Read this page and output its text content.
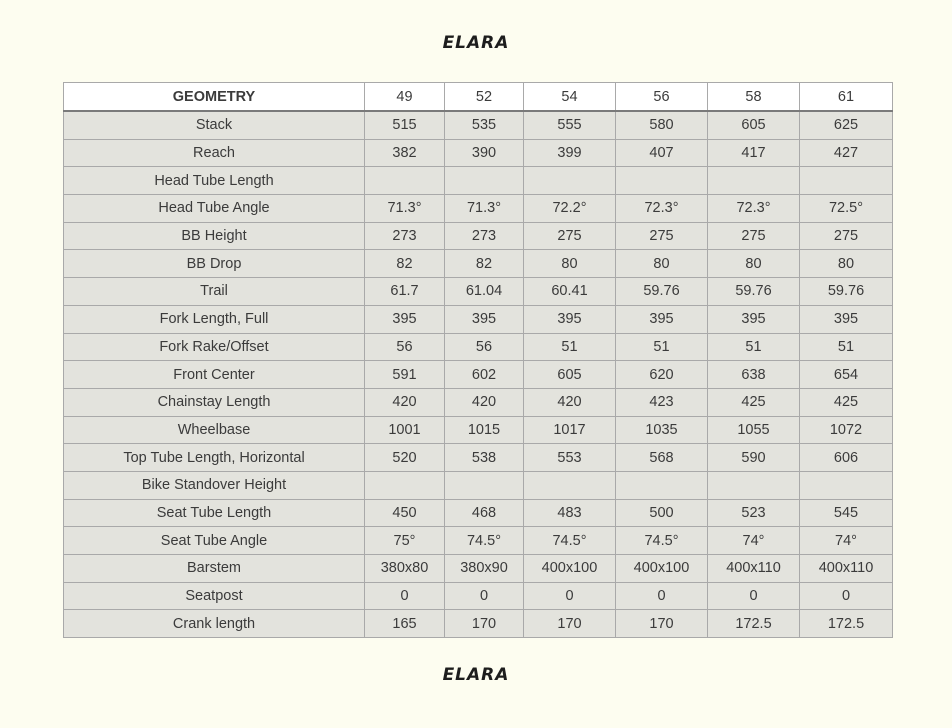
ELARA
GEOMETRY	49	52	54	56	58	61
Stack	515	535	555	580	605	625
Reach	382	390	399	407	417	427
Head Tube Length						
Head Tube Angle	71.3°	71.3°	72.2°	72.3°	72.3°	72.5°
BB Height	273	273	275	275	275	275
BB Drop	82	82	80	80	80	80
Trail	61.7	61.04	60.41	59.76	59.76	59.76
Fork Length, Full	395	395	395	395	395	395
Fork Rake/Offset	56	56	51	51	51	51
Front Center	591	602	605	620	638	654
Chainstay Length	420	420	420	423	425	425
Wheelbase	1001	1015	1017	1035	1055	1072
Top Tube Length, Horizontal	520	538	553	568	590	606
Bike Standover Height						
Seat Tube Length	450	468	483	500	523	545
Seat Tube Angle	75°	74.5°	74.5°	74.5°	74°	74°
Barstem	380x80	380x90	400x100	400x100	400x110	400x110
Seatpost	0	0	0	0	0	0
Crank length	165	170	170	170	172.5	172.5
ELARA
